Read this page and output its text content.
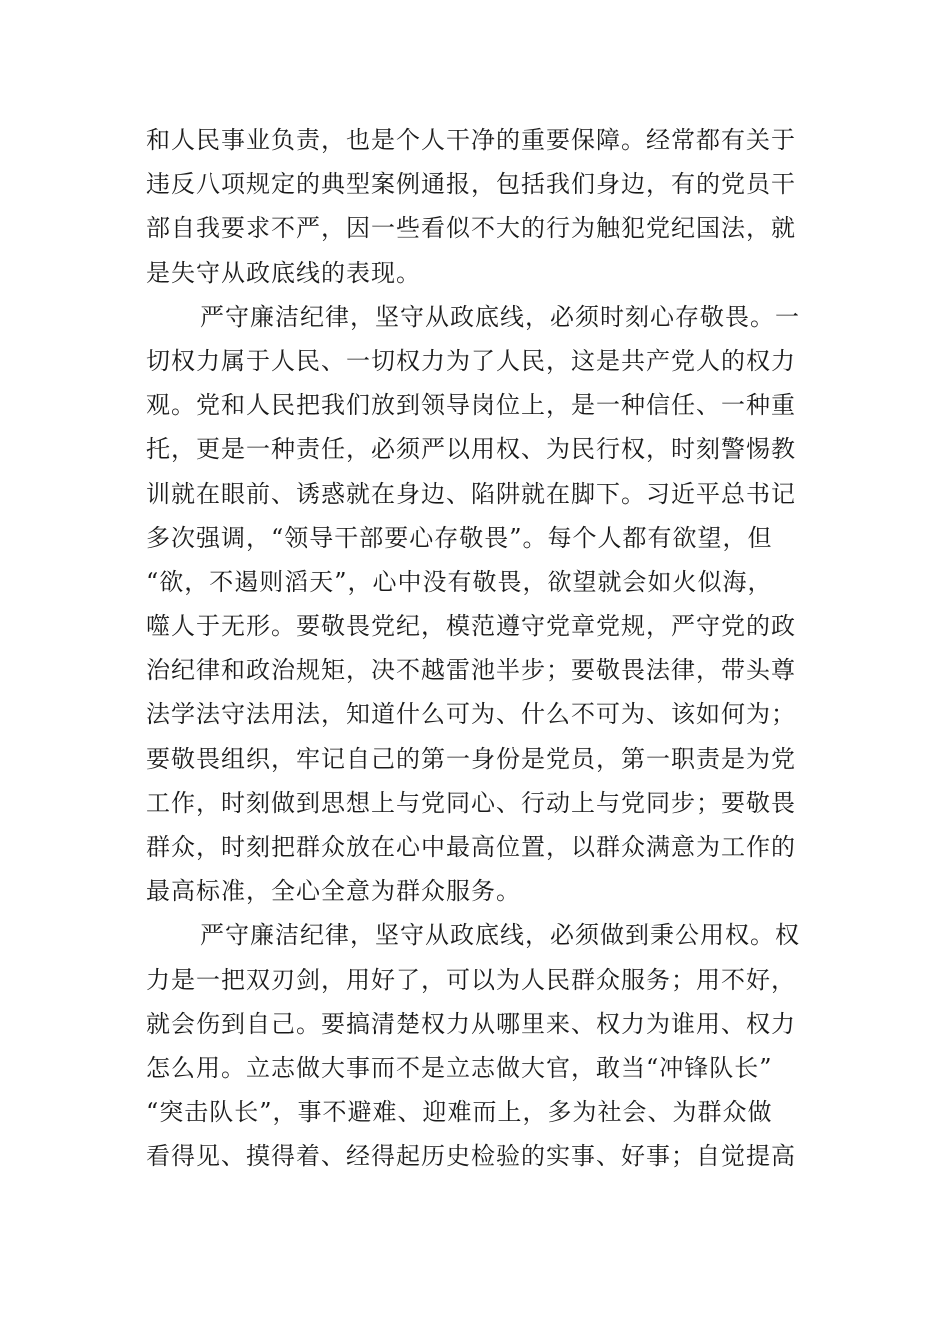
和人民事业负责，也是个人干净的重要保障。经常都有关于
违反八项规定的典型案例通报，包括我们身边，有的党员干
部自我要求不严，因一些看似不大的行为触犯党纪国法，就
是失守从政底线的表现。
严守廉洁纪律，坚守从政底线，必须时刻心存敬畏。一
切权力属于人民、一切权力为了人民，这是共产党人的权力
观。党和人民把我们放到领导岗位上，是一种信任、一种重
托，更是一种责任，必须严以用权、为民行权，时刻警惕教
训就在眼前、诱惑就在身边、陷阱就在脚下。习近平总书记
多次强调，“领导干部要心存敬畏”。每个人都有欲望，但
“欲，不遏则滔天”，心中没有敬畏，欲望就会如火似海，
噬人于无形。要敬畏党纪，模范遵守党章党规，严守党的政
治纪律和政治规矩，决不越雷池半步；要敬畏法律，带头尊
法学法守法用法，知道什么可为、什么不可为、该如何为；
要敬畏组织，牢记自己的第一身份是党员，第一职责是为党
工作，时刻做到思想上与党同心、行动上与党同步；要敬畏
群众，时刻把群众放在心中最高位置，以群众满意为工作的
最高标准，全心全意为群众服务。
严守廉洁纪律，坚守从政底线，必须做到秉公用权。权
力是一把双刃剑，用好了，可以为人民群众服务；用不好，
就会伤到自己。要搞清楚权力从哪里来、权力为谁用、权力
怎么用。立志做大事而不是立志做大官，敢当“冲锋队长”
“突击队长”，事不避难、迎难而上，多为社会、为群众做
看得见、摸得着、经得起历史检验的实事、好事；自觉提高
